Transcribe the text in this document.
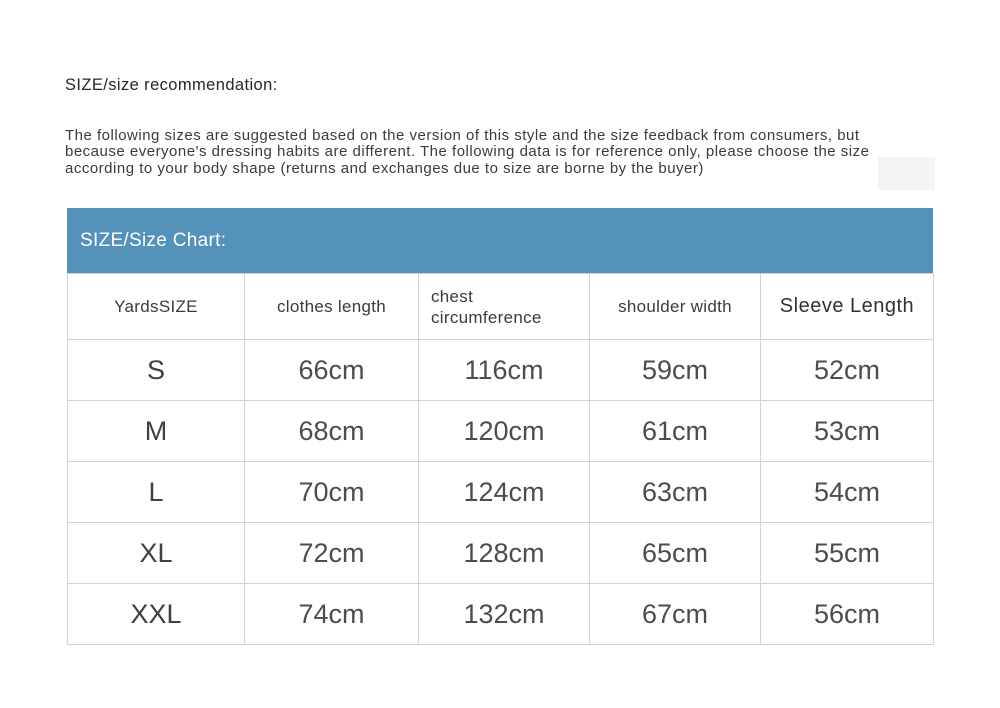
SIZE/size recommendation:
The following sizes are suggested based on the version of this style and the size feedback from consumers, but
because everyone's dressing habits are different. The following data is for reference only, please choose the size
according to your body shape (returns and exchanges due to size are borne by the buyer)
SIZE/Size Chart:
YardsSIZE	clothes length	chest circumference	shoulder width	Sleeve Length
S	66cm	116cm	59cm	52cm
M	68cm	120cm	61cm	53cm
L	70cm	124cm	63cm	54cm
XL	72cm	128cm	65cm	55cm
XXL	74cm	132cm	67cm	56cm
